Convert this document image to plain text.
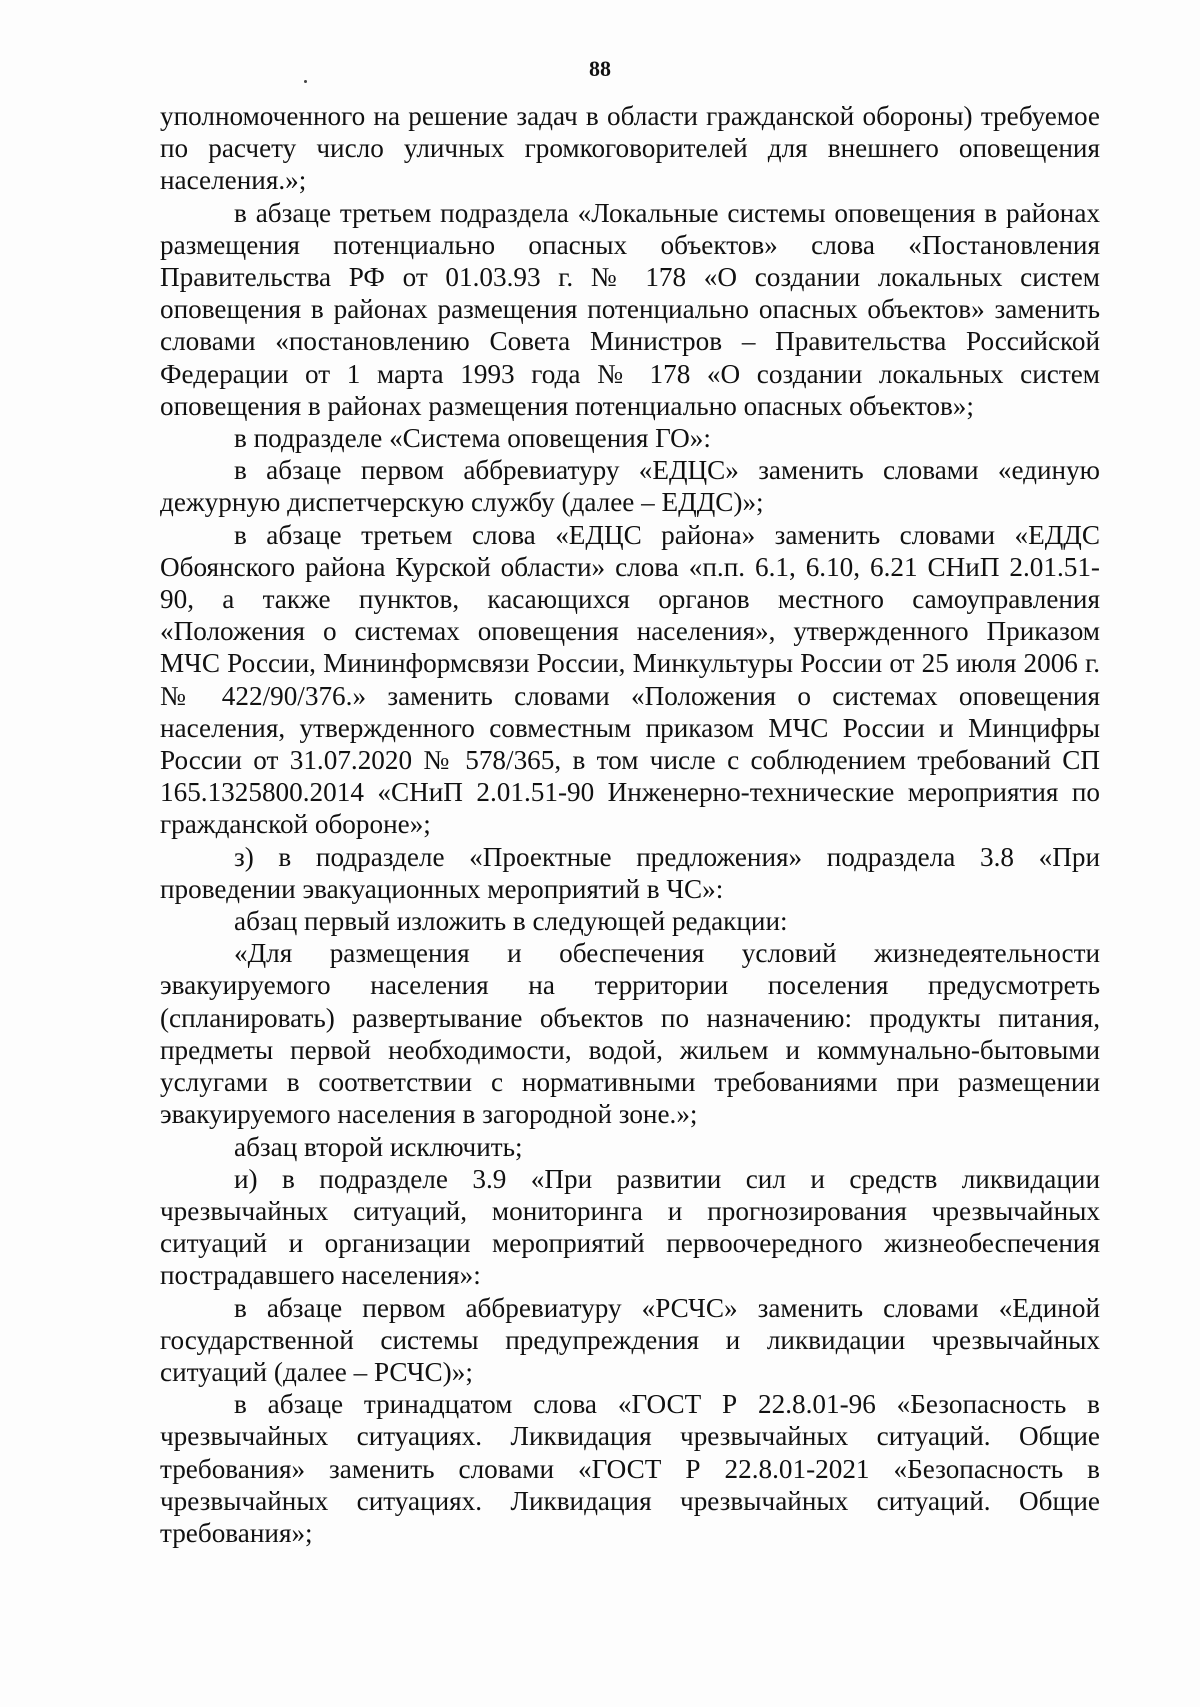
88

уполномоченного на решение задач в области гражданской обороны) требуемое по расчету число уличных громкоговорителей для внешнего оповещения населения.»;

в абзаце третьем подраздела «Локальные системы оповещения в районах размещения потенциально опасных объектов» слова «Постановления Правительства РФ от 01.03.93 г. № 178 «О создании локальных систем оповещения в районах размещения потенциально опасных объектов» заменить словами «постановлению Совета Министров – Правительства Российской Федерации от 1 марта 1993 года № 178 «О создании локальных систем оповещения в районах размещения потенциально опасных объектов»;

в подразделе «Система оповещения ГО»:

в абзаце первом аббревиатуру «ЕДЦС» заменить словами «единую дежурную диспетчерскую службу (далее – ЕДДС)»;

в абзаце третьем слова «ЕДЦС района» заменить словами «ЕДДС Обоянского района Курской области» слова «п.п. 6.1, 6.10, 6.21 СНиП 2.01.51-90, а также пунктов, касающихся органов местного самоуправления «Положения о системах оповещения населения», утвержденного Приказом МЧС России, Мининформсвязи России, Минкультуры России от 25 июля 2006 г. № 422/90/376.» заменить словами «Положения о системах оповещения населения, утвержденного совместным приказом МЧС России и Минцифры России от 31.07.2020 № 578/365, в том числе с соблюдением требований СП 165.1325800.2014 «СНиП 2.01.51-90 Инженерно-технические мероприятия по гражданской обороне»;

з) в подразделе «Проектные предложения» подраздела 3.8 «При проведении эвакуационных мероприятий в ЧС»:

абзац первый изложить в следующей редакции:

«Для размещения и обеспечения условий жизнедеятельности эвакуируемого населения на территории поселения предусмотреть (спланировать) развертывание объектов по назначению: продукты питания, предметы первой необходимости, водой, жильем и коммунально-бытовыми услугами в соответствии с нормативными требованиями при размещении эвакуируемого населения в загородной зоне.»;

абзац второй исключить;

и) в подразделе 3.9 «При развитии сил и средств ликвидации чрезвычайных ситуаций, мониторинга и прогнозирования чрезвычайных ситуаций и организации мероприятий первоочередного жизнеобеспечения пострадавшего населения»:

в абзаце первом аббревиатуру «РСЧС» заменить словами «Единой государственной системы предупреждения и ликвидации чрезвычайных ситуаций (далее – РСЧС)»;

в абзаце тринадцатом слова «ГОСТ Р 22.8.01-96 «Безопасность в чрезвычайных ситуациях. Ликвидация чрезвычайных ситуаций. Общие требования» заменить словами «ГОСТ Р 22.8.01-2021 «Безопасность в чрезвычайных ситуациях. Ликвидация чрезвычайных ситуаций. Общие требования»;
